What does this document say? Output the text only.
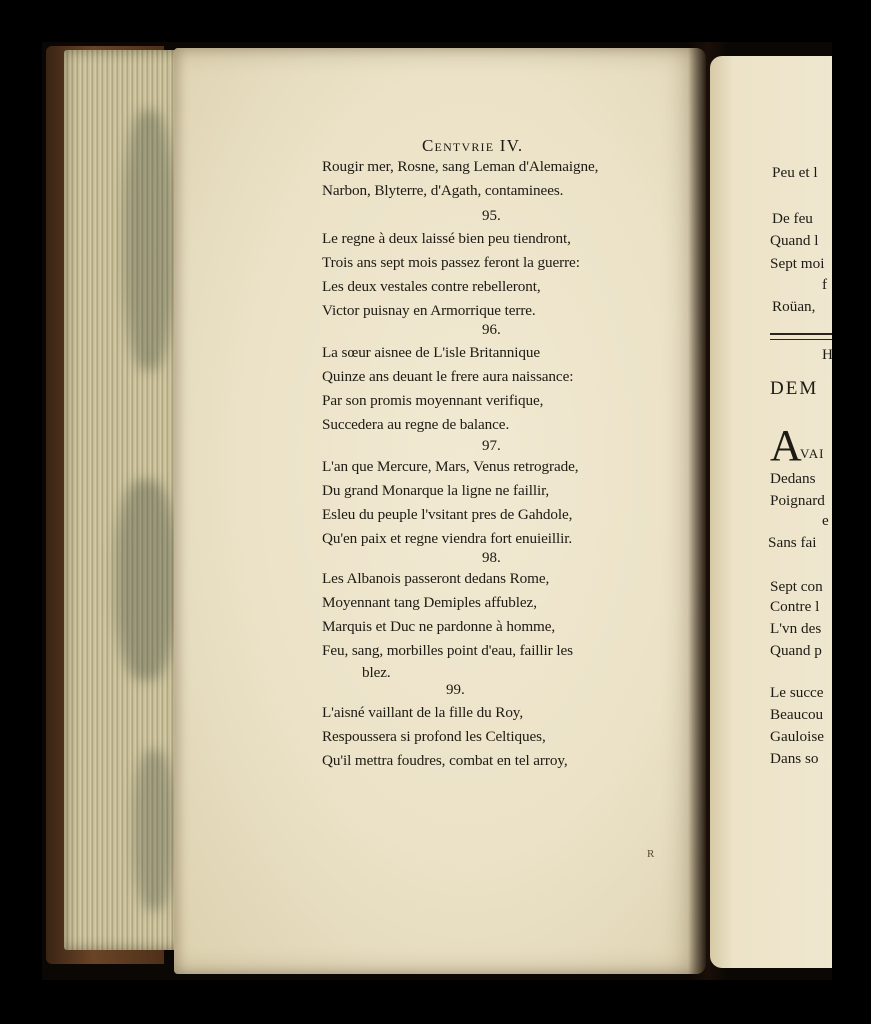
Centvrie IV.
Rougir mer, Rosne, sang Leman d'Alemaigne,
Narbon, Blyterre, d'Agath, contaminees.
95.
Le regne à deux laissé bien peu tiendront,
Trois ans sept mois passez feront la guerre:
Les deux vestales contre rebelleront,
Victor puisnay en Armorrique terre.
96.
La sœur aisnee de L'isle Britannique
Quinze ans deuant le frere aura naissance:
Par son promis moyennant verifique,
Succedera au regne de balance.
97.
L'an que Mercure, Mars, Venus retrograde,
Du grand Monarque la ligne ne faillir,
Esleu du peuple l'vsitant pres de Gahdole,
Qu'en paix et regne viendra fort enuieillir.
98.
Les Albanois passeront dedans Rome,
Moyennant tang Demiples affublez,
Marquis et Duc ne pardonne à homme,
Feu, sang, morbilles point d'eau, faillir les
blez.
99.
L'aisné vaillant de la fille du Roy,
Respoussera si profond les Celtiques,
Qu'il mettra foudres, combat en tel arroy,
R
Peu et l
De feu
Quand l
Sept moi
f
Roüan,
H
DEM
A
VAI
Dedans
Poignard
e
Sans fai
Sept con
Contre l
L'vn des
Quand p
Le succe
Beaucou
Gauloise
Dans so
